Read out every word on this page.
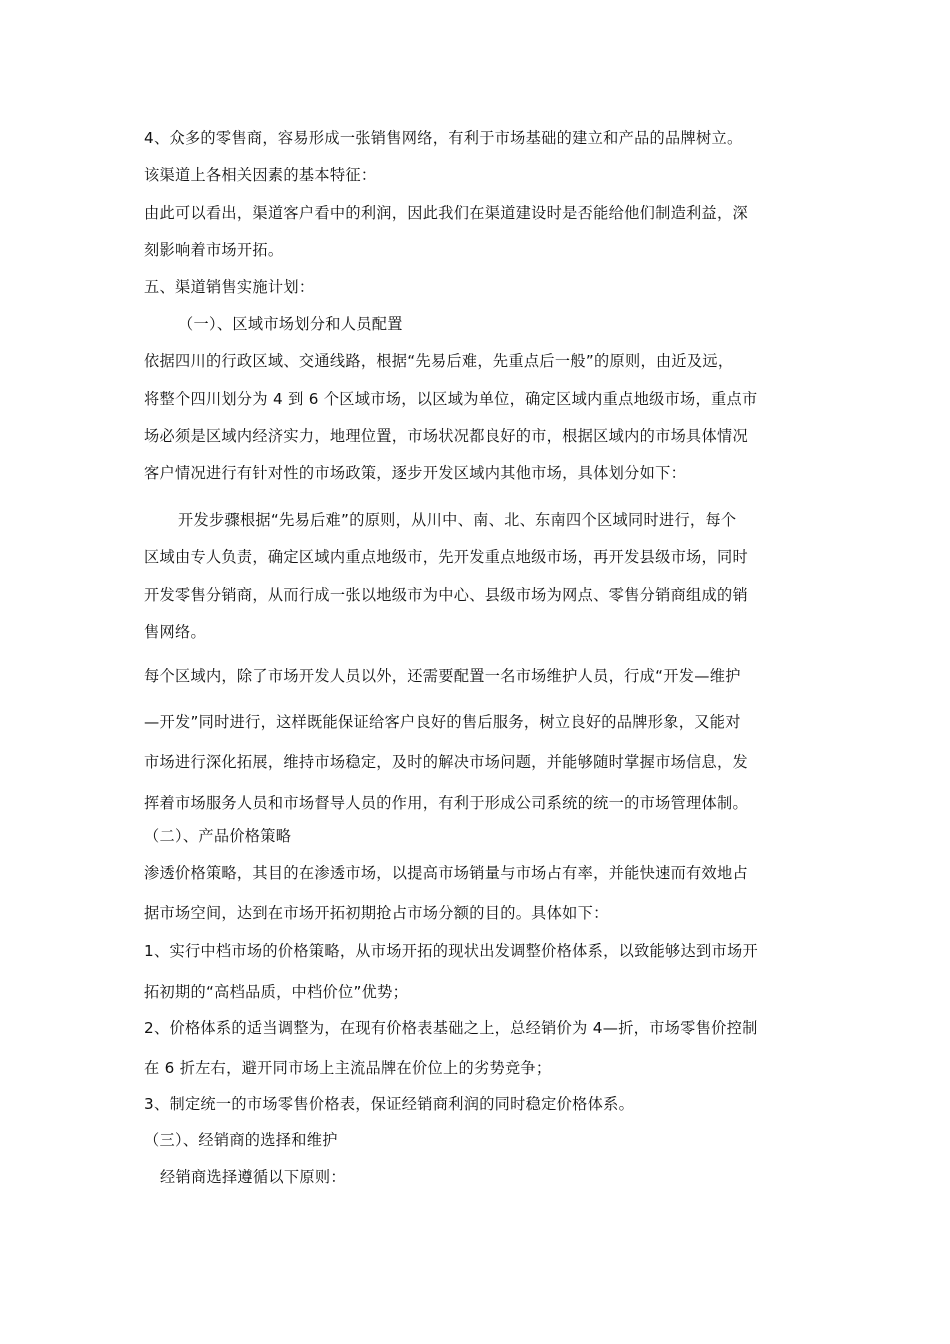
4、众多的零售商，容易形成一张销售网络，有利于市场基础的建立和产品的品牌树立。

该渠道上各相关因素的基本特征：

由此可以看出，渠道客户看中的利润，因此我们在渠道建设时是否能给他们制造利益，深

刻影响着市场开拓。

五、渠道销售实施计划：

（一）、区域市场划分和人员配置

依据四川的行政区域、交通线路，根据“先易后难，先重点后一般”的原则，由近及远，

将整个四川划分为 4 到 6 个区域市场，以区域为单位，确定区域内重点地级市场，重点市

场必须是区域内经济实力，地理位置，市场状况都良好的市，根据区域内的市场具体情况

客户情况进行有针对性的市场政策，逐步开发区域内其他市场，具体划分如下：

开发步骤根据“先易后难”的原则，从川中、南、北、东南四个区域同时进行，每个

区域由专人负责，确定区域内重点地级市，先开发重点地级市场，再开发县级市场，同时

开发零售分销商，从而行成一张以地级市为中心、县级市场为网点、零售分销商组成的销

售网络。

每个区域内，除了市场开发人员以外，还需要配置一名市场维护人员，行成“开发—维护

—开发”同时进行，这样既能保证给客户良好的售后服务，树立良好的品牌形象，又能对

市场进行深化拓展，维持市场稳定，及时的解决市场问题，并能够随时掌握市场信息，发

挥着市场服务人员和市场督导人员的作用，有利于形成公司系统的统一的市场管理体制。

（二）、产品价格策略

渗透价格策略，其目的在渗透市场，以提高市场销量与市场占有率，并能快速而有效地占

据市场空间，达到在市场开拓初期抢占市场分额的目的。具体如下：

1、实行中档市场的价格策略，从市场开拓的现状出发调整价格体系，以致能够达到市场开

拓初期的“高档品质，中档价位”优势；

2、价格体系的适当调整为，在现有价格表基础之上，总经销价为 4—折，市场零售价控制

在 6 折左右，避开同市场上主流品牌在价位上的劣势竞争；

3、制定统一的市场零售价格表，保证经销商利润的同时稳定价格体系。

（三）、经销商的选择和维护

经销商选择遵循以下原则：
